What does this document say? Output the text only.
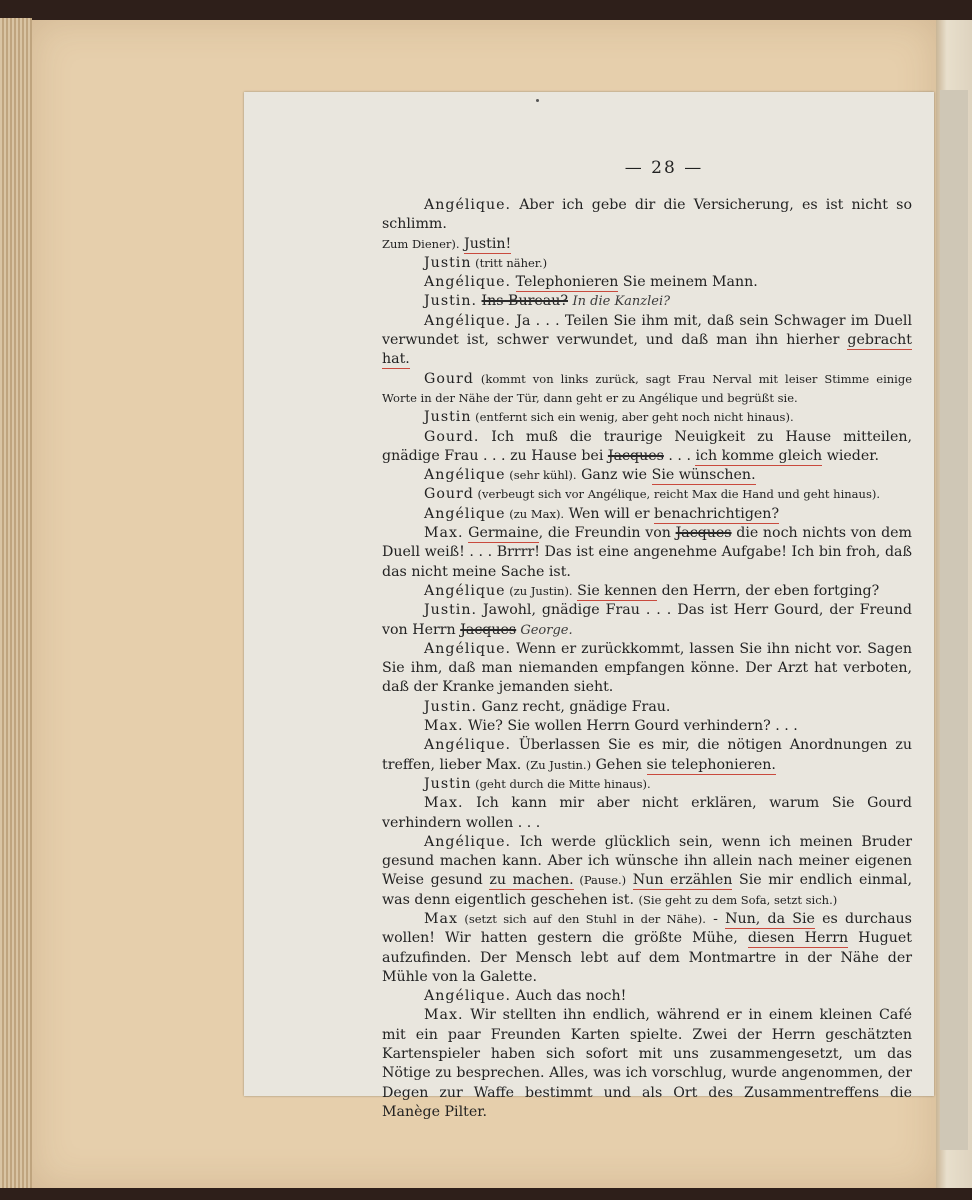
— 28 —

Angélique. Aber ich gebe dir die Versicherung, es ist nicht so schlimm.

Zum Diener). Justin!

Justin (tritt näher.)

Angélique. Telephonieren Sie meinem Mann.

Justin. Ins Bureau? In die Kanzlei?

Angélique. Ja . . . Teilen Sie ihm mit, daß sein Schwager im Duell verwundet ist, schwer verwundet, und daß man ihn hierher gebracht hat.

Gourd (kommt von links zurück, sagt Frau Nerval mit leiser Stimme einige Worte in der Nähe der Tür, dann geht er zu Angélique und begrüßt sie.

Justin (entfernt sich ein wenig, aber geht noch nicht hinaus).

Gourd. Ich muß die traurige Neuigkeit zu Hause mitteilen, gnädige Frau . . . zu Hause bei Jacques . . . ich komme gleich wieder.

Angélique (sehr kühl). Ganz wie Sie wünschen.

Gourd (verbeugt sich vor Angélique, reicht Max die Hand und geht hinaus).

Angélique (zu Max). Wen will er benachrichtigen?

Max. Germaine, die Freundin von Jacques die noch nichts von dem Duell weiß! . . . Brrrr! Das ist eine angenehme Aufgabe! Ich bin froh, daß das nicht meine Sache ist.

Angélique (zu Justin). Sie kennen den Herrn, der eben fortging?

Justin. Jawohl, gnädige Frau . . . Das ist Herr Gourd, der Freund von Herrn Jacques George.

Angélique. Wenn er zurückkommt, lassen Sie ihn nicht vor. Sagen Sie ihm, daß man niemanden empfangen könne. Der Arzt hat verboten, daß der Kranke jemanden sieht.

Justin. Ganz recht, gnädige Frau.

Max. Wie? Sie wollen Herrn Gourd verhindern? . . .

Angélique. Überlassen Sie es mir, die nötigen Anordnungen zu treffen, lieber Max. (Zu Justin.) Gehen sie telephonieren.

Justin (geht durch die Mitte hinaus).

Max. Ich kann mir aber nicht erklären, warum Sie Gourd verhindern wollen . . .

Angélique. Ich werde glücklich sein, wenn ich meinen Bruder gesund machen kann. Aber ich wünsche ihn allein nach meiner eigenen Weise gesund zu machen. (Pause.) Nun erzählen Sie mir endlich einmal, was denn eigentlich geschehen ist. (Sie geht zu dem Sofa, setzt sich.)

Max (setzt sich auf den Stuhl in der Nähe). - Nun, da Sie es durchaus wollen! Wir hatten gestern die größte Mühe, diesen Herrn Huguet aufzufinden. Der Mensch lebt auf dem Montmartre in der Nähe der Mühle von la Galette.

Angélique. Auch das noch!

Max. Wir stellten ihn endlich, während er in einem kleinen Café mit ein paar Freunden Karten spielte. Zwei der Herrn geschätzten Kartenspieler haben sich sofort mit uns zusammengesetzt, um das Nötige zu besprechen. Alles, was ich vorschlug, wurde angenommen, der Degen zur Waffe bestimmt und als Ort des Zusammentreffens die Manège Pilter.
